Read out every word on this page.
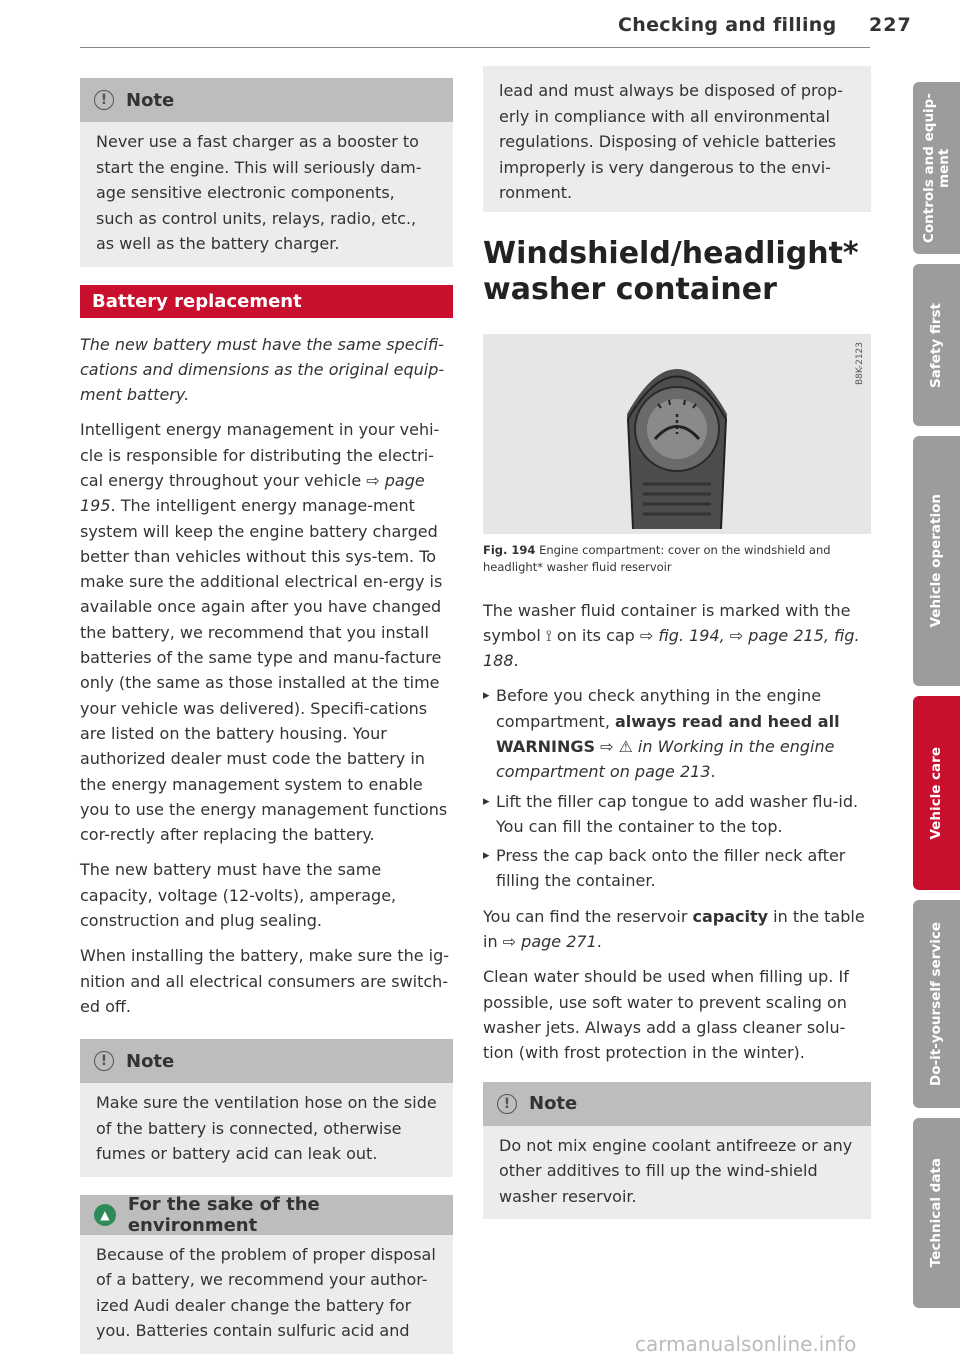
Checking and filling 227
!	Note
Never use a fast charger as a booster to start the engine. This will seriously dam-age sensitive electronic components, such as control units, relays, radio, etc., as well as the battery charger.
Battery replacement

The new battery must have the same specifi-cations and dimensions as the original equip-ment battery.

Intelligent energy management in your vehi-cle is responsible for distributing the electri-cal energy throughout your vehicle ⇨ page 195. The intelligent energy manage-ment system will keep the engine battery charged better than vehicles without this sys-tem. To make sure the additional electrical en-ergy is available once again after you have changed the battery, we recommend that you install batteries of the same type and manu-facture only (the same as those installed at the time your vehicle was delivered). Specifi-cations are listed on the battery housing. Your authorized dealer must code the battery in the energy management system to enable you to use the energy management functions cor-rectly after replacing the battery.

The new battery must have the same capacity, voltage (12-volts), amperage, construction and plug sealing.

When installing the battery, make sure the ig-nition and all electrical consumers are switch-ed off.

!	Note
Make sure the ventilation hose on the side of the battery is connected, otherwise fumes or battery acid can leak out.
▲	For the sake of the environment
Because of the problem of proper disposal of a battery, we recommend your author-ized Audi dealer change the battery for you. Batteries contain sulfuric acid and
lead and must always be disposed of prop-erly in compliance with all environmental regulations. Disposing of vehicle batteries improperly is very dangerous to the envi-ronment.
Windshield/headlight*
washer container
B8K-2123
Fig. 194 Engine compartment: cover on the windshield and headlight* washer fluid reservoir

The washer fluid container is marked with the symbol ⟟ on its cap ⇨ fig. 194, ⇨ page 215, fig. 188.

▸ Before you check anything in the engine compartment, always read and heed all WARNINGS ⇨ ⚠ in Working in the engine compartment on page 213.
▸ Lift the filler cap tongue to add washer flu-id. You can fill the container to the top.
▸ Press the cap back onto the filler neck after filling the container.

You can find the reservoir capacity in the table in ⇨ page 271.

Clean water should be used when filling up. If possible, use soft water to prevent scaling on washer jets. Always add a glass cleaner solu-tion (with frost protection in the winter).

!	Note
Do not mix engine coolant antifreeze or any other additives to fill up the wind-shield washer reservoir.
Controls and equip-ment
Safety first
Vehicle operation
Vehicle care
Do-it-yourself service
Technical data
carmanualsonline.info
